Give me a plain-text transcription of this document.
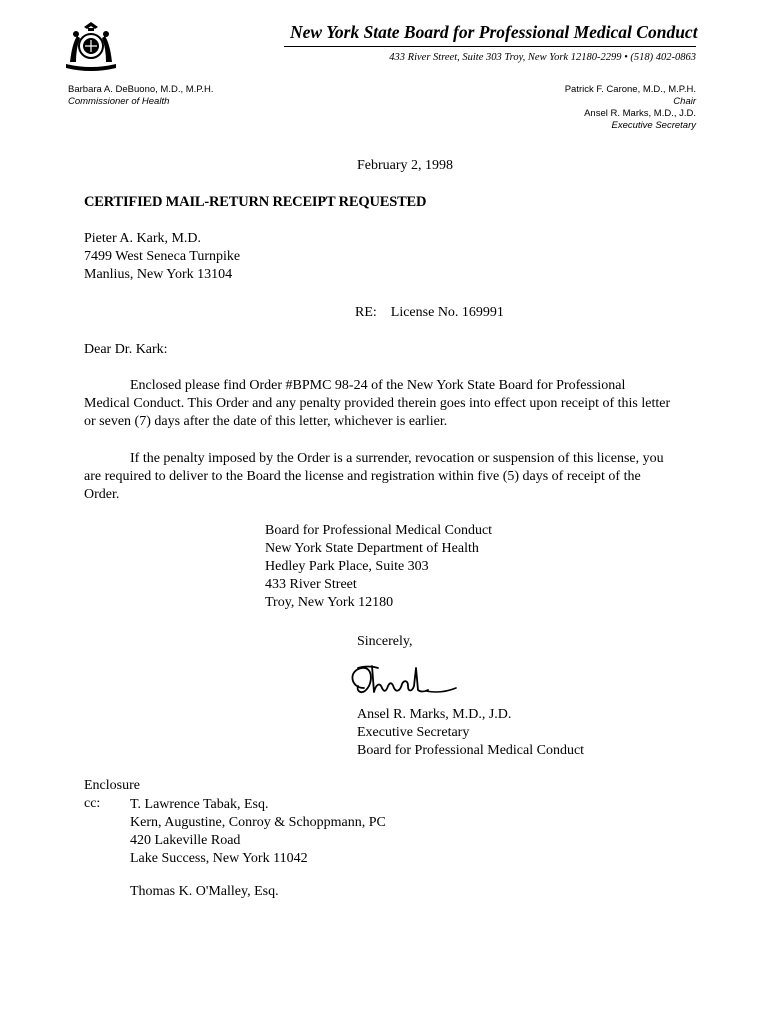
New York State Board for Professional Medical Conduct
433 River Street, Suite 303 Troy, New York 12180-2299 • (518) 402-0863
Barbara A. DeBuono, M.D., M.P.H.
Commissioner of Health
Patrick F. Carone, M.D., M.P.H.
Chair
Ansel R. Marks, M.D., J.D.
Executive Secretary
February 2, 1998
CERTIFIED MAIL-RETURN RECEIPT REQUESTED
Pieter A. Kark, M.D.
7499 West Seneca Turnpike
Manlius, New York 13104
RE: License No. 169991
Dear Dr. Kark:

Enclosed please find Order #BPMC 98-24 of the New York State Board for Professional Medical Conduct. This Order and any penalty provided therein goes into effect upon receipt of this letter or seven (7) days after the date of this letter, whichever is earlier.

If the penalty imposed by the Order is a surrender, revocation or suspension of this license, you are required to deliver to the Board the license and registration within five (5) days of receipt of the Order.

Board for Professional Medical Conduct
New York State Department of Health
Hedley Park Place, Suite 303
433 River Street
Troy, New York 12180
Sincerely,
Ansel R. Marks, M.D., J.D.
Executive Secretary
Board for Professional Medical Conduct
Enclosure
cc: T. Lawrence Tabak, Esq.
Kern, Augustine, Conroy & Schoppmann, PC
420 Lakeville Road
Lake Success, New York 11042
Thomas K. O'Malley, Esq.
